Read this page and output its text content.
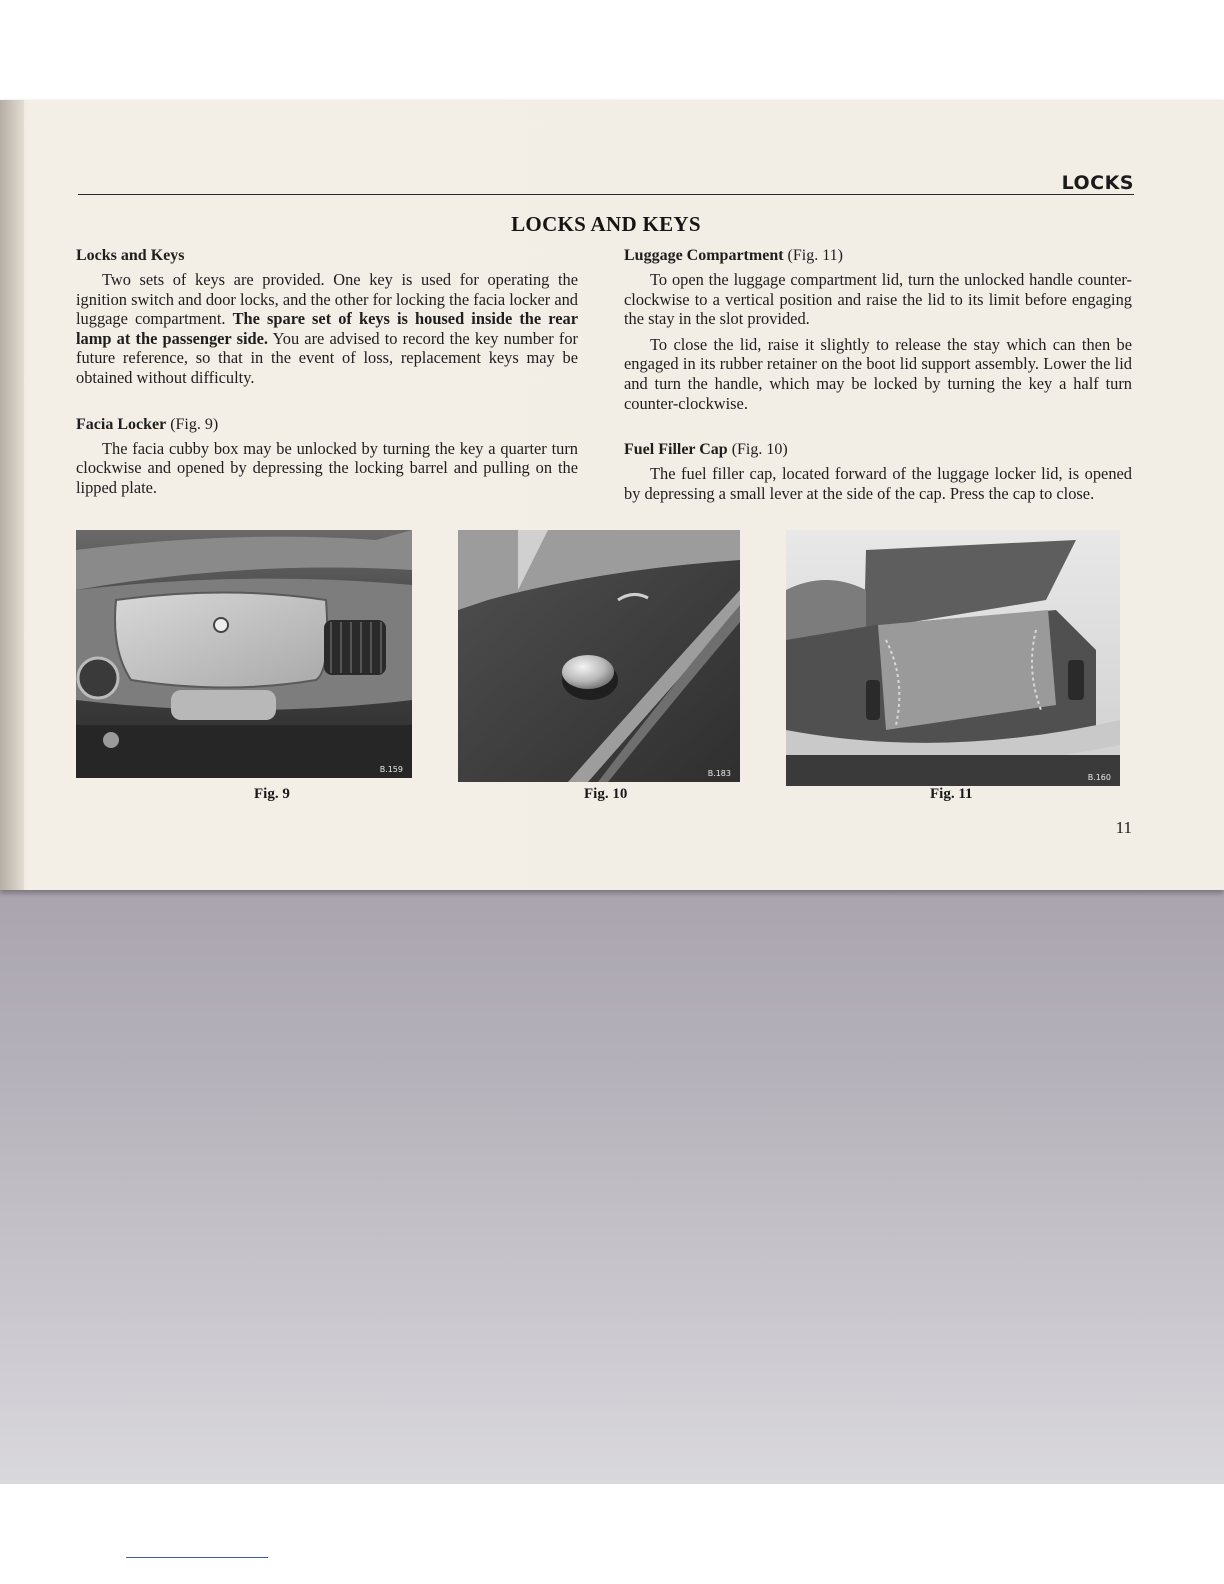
LOCKS
LOCKS AND KEYS

Locks and Keys

Two sets of keys are provided. One key is used for operating the ignition switch and door locks, and the other for locking the facia locker and luggage compartment. The spare set of keys is housed inside the rear lamp at the passenger side. You are advised to record the key number for future reference, so that in the event of loss, replacement keys may be obtained without difficulty.

Facia Locker (Fig. 9)

The facia cubby box may be unlocked by turning the key a quarter turn clockwise and opened by depressing the locking barrel and pulling on the lipped plate.

Luggage Compartment (Fig. 11)

To open the luggage compartment lid, turn the unlocked handle counter-clockwise to a vertical position and raise the lid to its limit before engaging the stay in the slot provided.

To close the lid, raise it slightly to release the stay which can then be engaged in its rubber retainer on the boot lid support assembly. Lower the lid and turn the handle, which may be locked by turning the key a half turn counter-clockwise.

Fuel Filler Cap (Fig. 10)

The fuel filler cap, located forward of the luggage locker lid, is opened by depressing a small lever at the side of the cap. Press the cap to close.

B.159
Fig. 9
B.183
Fig. 10
B.160
Fig. 11
11
